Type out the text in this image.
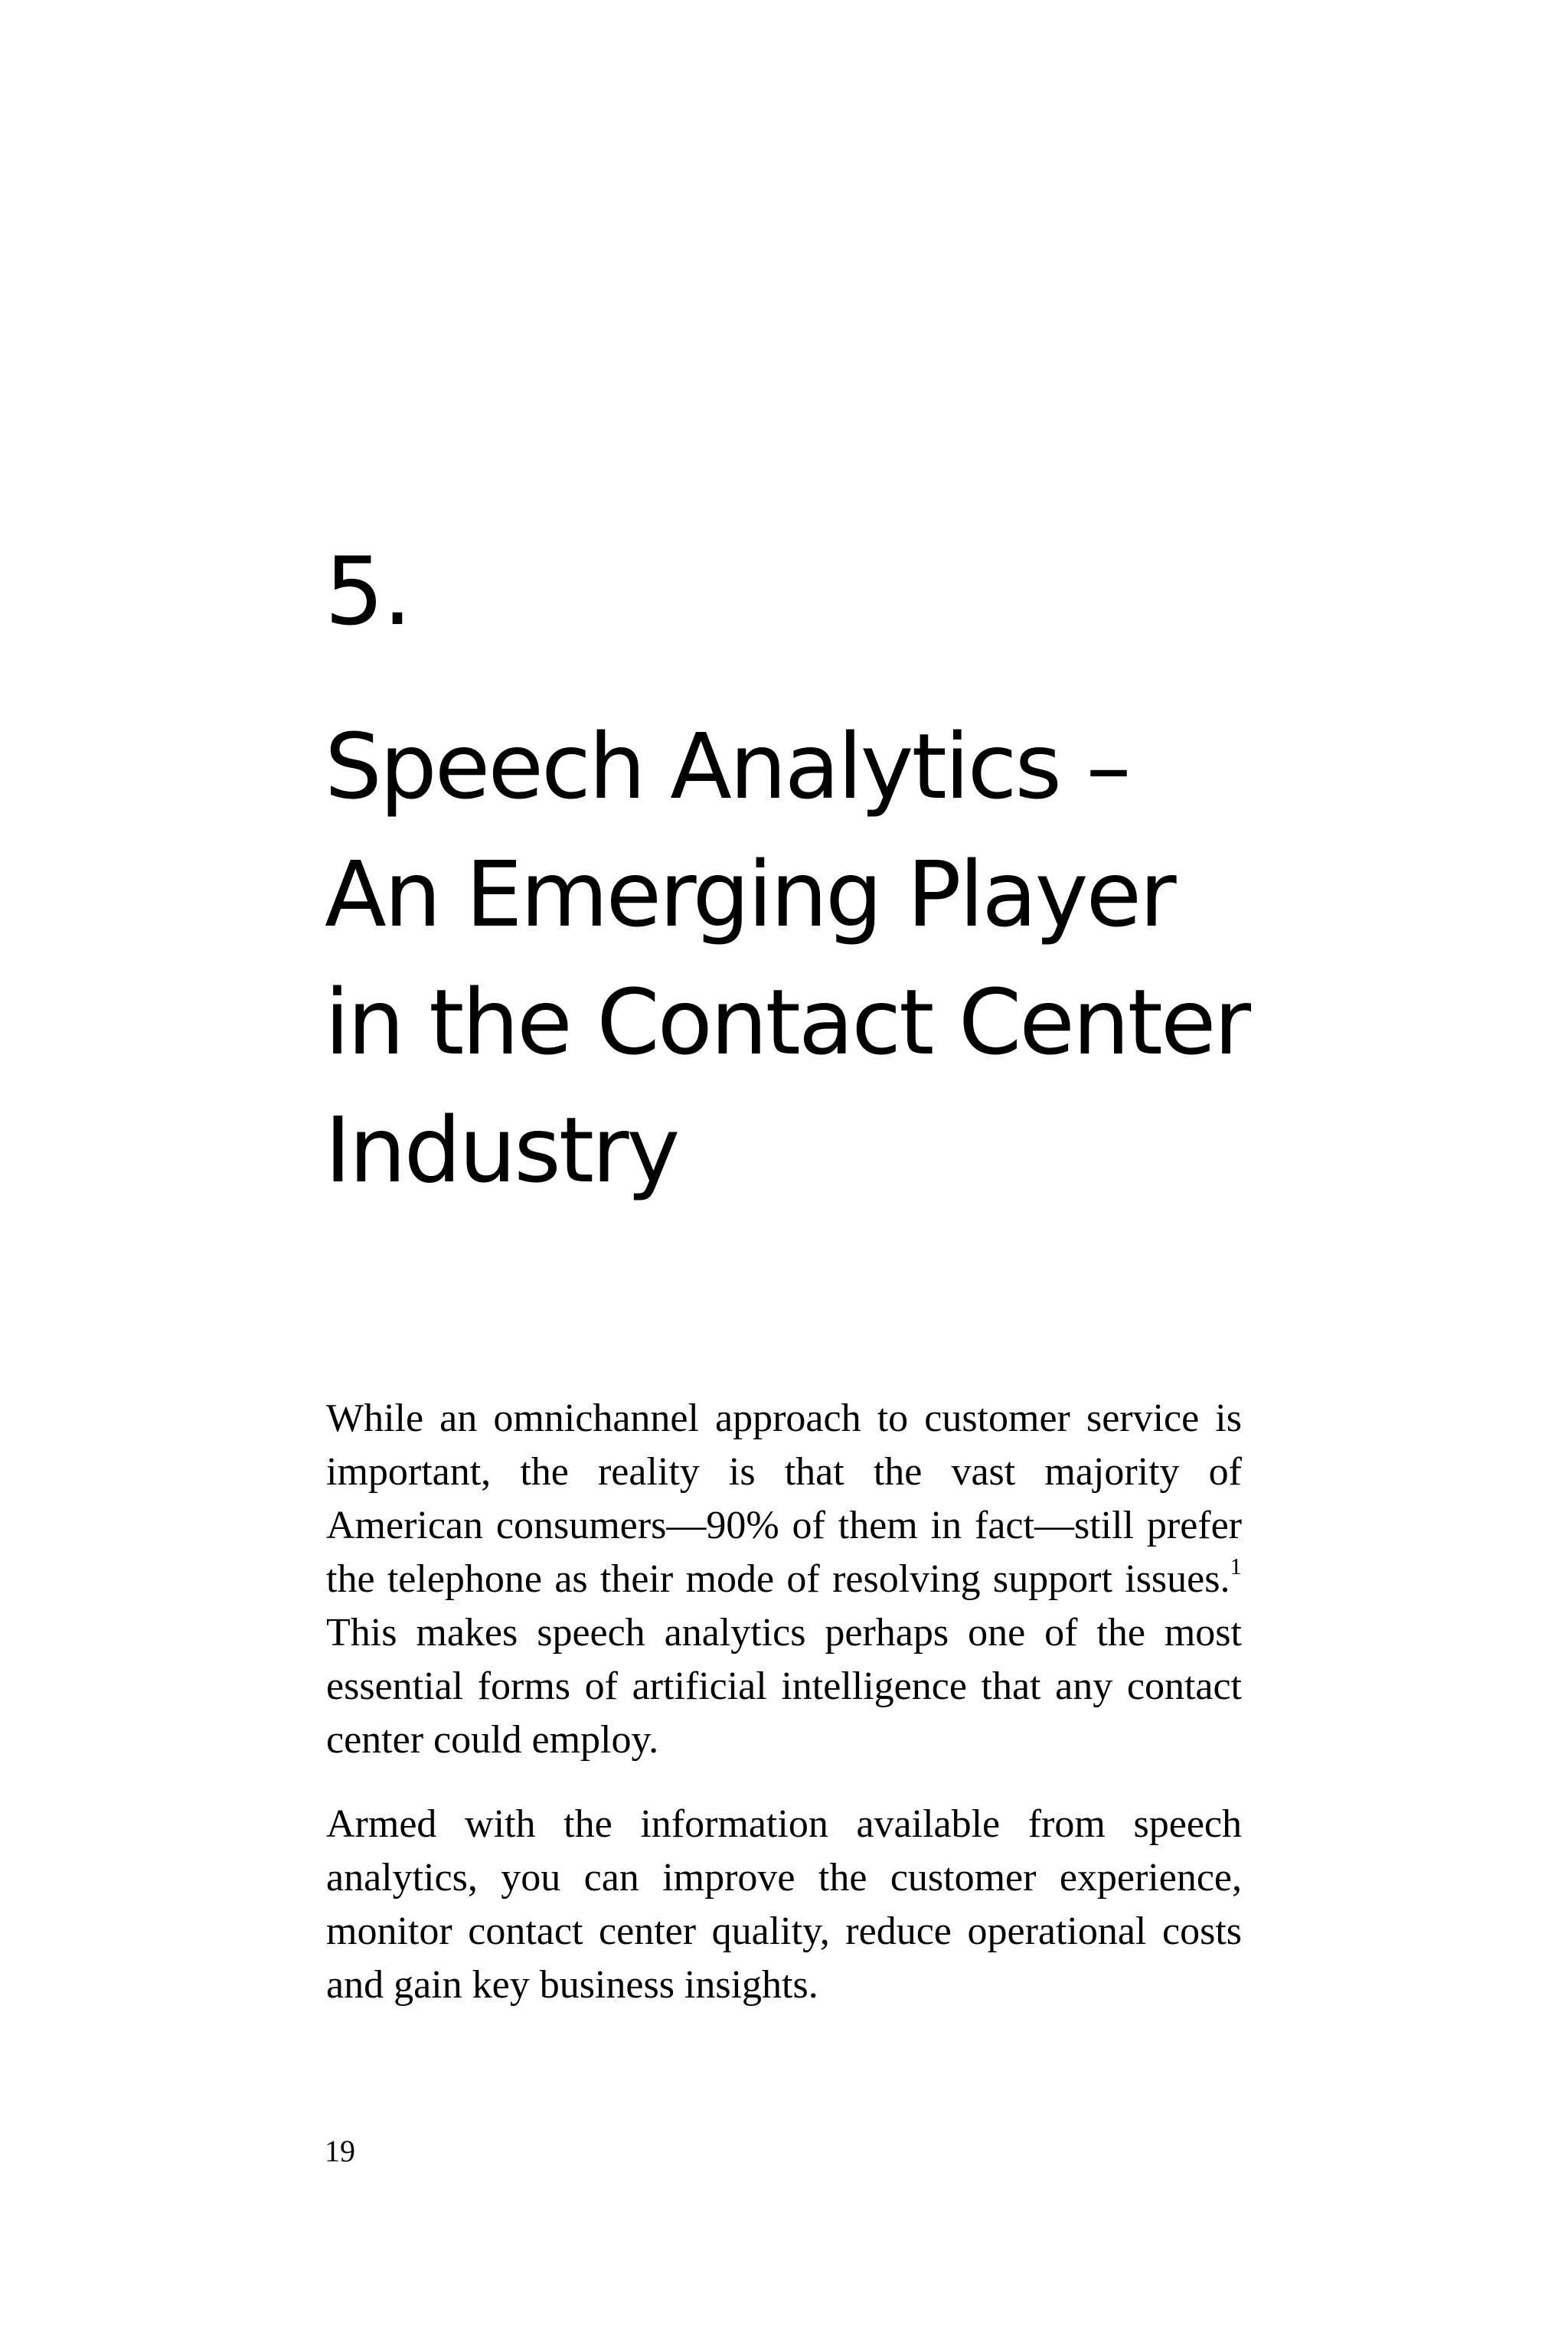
5.
Speech Analytics –
An Emerging Player
in the Contact Center
Industry

While an omnichannel approach to customer service is important, the reality is that the vast majority of American consumers—90% of them in fact—still prefer the telephone as their mode of resolving support issues.$^1$ This makes speech analytics perhaps one of the most essential forms of artificial intelligence that any contact center could employ.

Armed with the information available from speech analytics, you can improve the customer experience, monitor contact center quality, reduce operational costs and gain key business insights.

19
